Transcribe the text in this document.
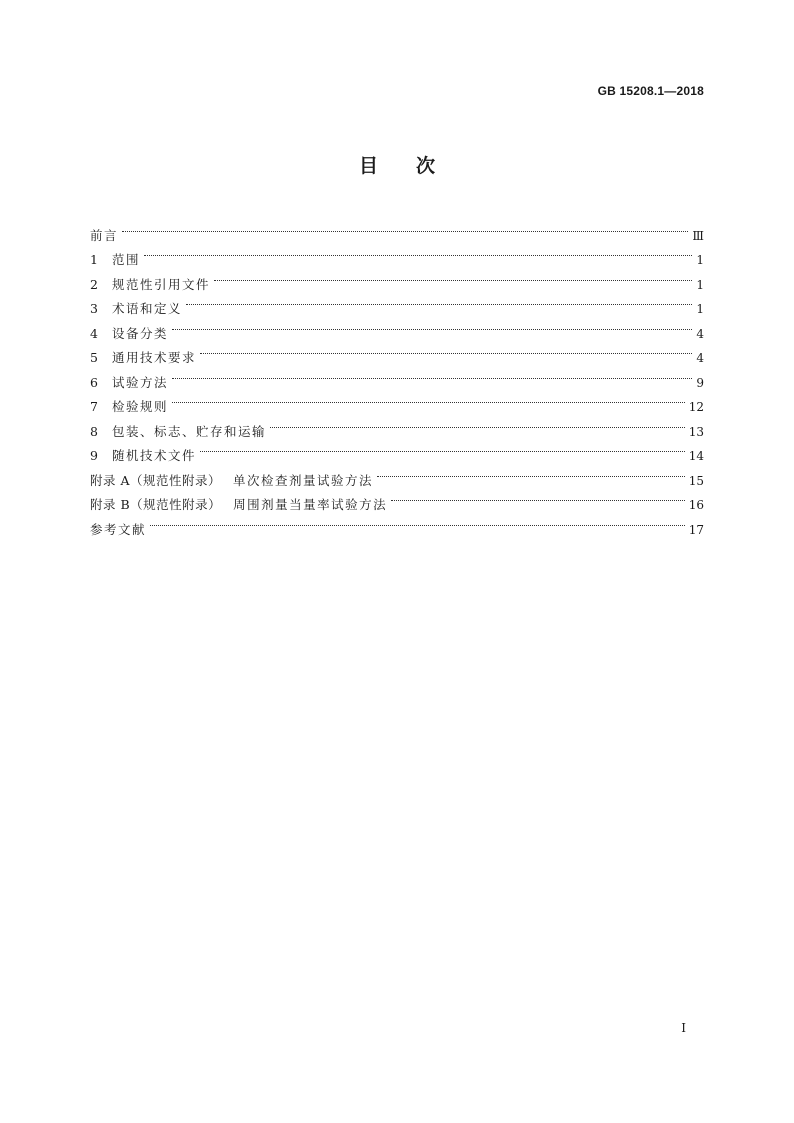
GB 15208.1—2018
目次
前言	Ⅲ
1	范围	1
2	规范性引用文件	1
3	术语和定义	1
4	设备分类	4
5	通用技术要求	4
6	试验方法	9
7	检验规则	12
8	包装、标志、贮存和运输	13
9	随机技术文件	14
附录 A（规范性附录） 单次检查剂量试验方法	15
附录 B（规范性附录） 周围剂量当量率试验方法	16
参考文献	17
I
